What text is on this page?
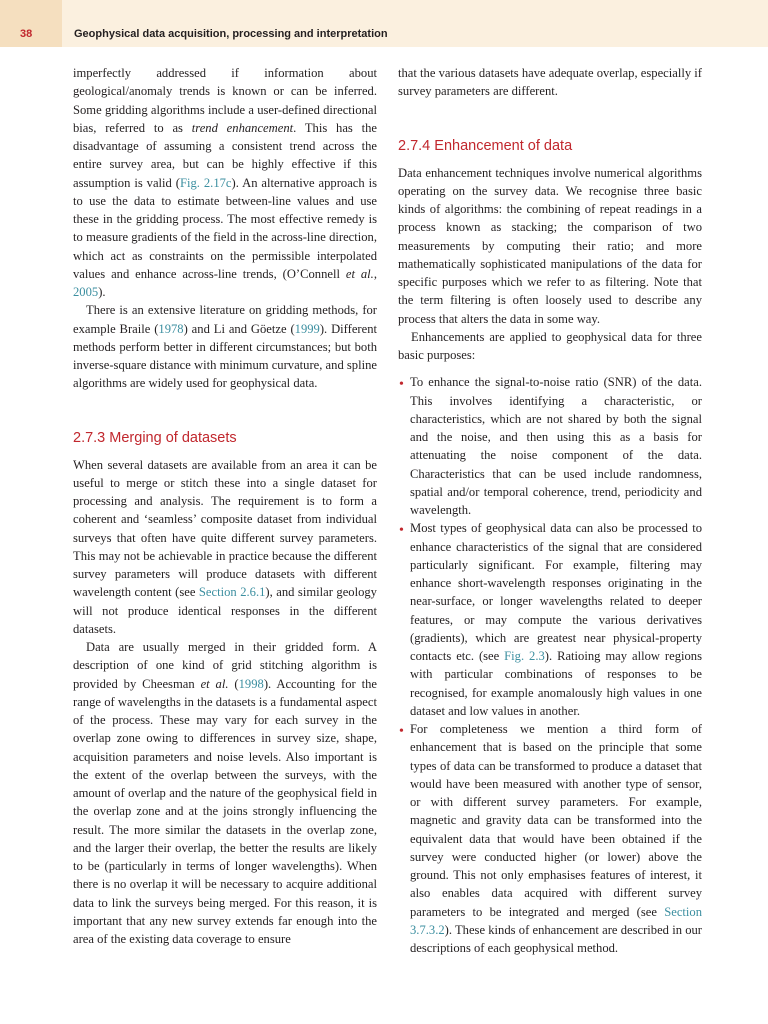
38	Geophysical data acquisition, processing and interpretation

imperfectly addressed if information about geological/anomaly trends is known or can be inferred. Some gridding algorithms include a user-defined directional bias, referred to as trend enhancement. This has the disadvantage of assuming a consistent trend across the entire survey area, but can be highly effective if this assumption is valid (Fig. 2.17c). An alternative approach is to use the data to estimate between-line values and use these in the gridding process. The most effective remedy is to measure gradients of the field in the across-line direction, which act as constraints on the permissible interpolated values and enhance across-line trends, (O’Connell et al., 2005).

There is an extensive literature on gridding methods, for example Braile (1978) and Li and Göetze (1999). Different methods perform better in different circumstances; but both inverse-square distance with minimum curvature, and spline algorithms are widely used for geophysical data.

2.7.3 Merging of datasets

When several datasets are available from an area it can be useful to merge or stitch these into a single dataset for processing and analysis. The requirement is to form a coherent and ‘seamless’ composite dataset from individual surveys that often have quite different survey parameters. This may not be achievable in practice because the different survey parameters will produce datasets with different wavelength content (see Section 2.6.1), and similar geology will not produce identical responses in the different datasets.

Data are usually merged in their gridded form. A description of one kind of grid stitching algorithm is provided by Cheesman et al. (1998). Accounting for the range of wavelengths in the datasets is a fundamental aspect of the process. These may vary for each survey in the overlap zone owing to differences in survey size, shape, acquisition parameters and noise levels. Also important is the extent of the overlap between the surveys, with the amount of overlap and the nature of the geophysical field in the overlap zone and at the joins strongly influencing the result. The more similar the datasets in the overlap zone, and the larger their overlap, the better the results are likely to be (particularly in terms of longer wavelengths). When there is no overlap it will be necessary to acquire additional data to link the surveys being merged. For this reason, it is important that any new survey extends far enough into the area of the existing data coverage to ensure

that the various datasets have adequate overlap, especially if survey parameters are different.

2.7.4 Enhancement of data

Data enhancement techniques involve numerical algorithms operating on the survey data. We recognise three basic kinds of algorithms: the combining of repeat readings in a process known as stacking; the comparison of two measurements by computing their ratio; and more mathematically sophisticated manipulations of the data for specific purposes which we refer to as filtering. Note that the term filtering is often loosely used to describe any process that alters the data in some way.

Enhancements are applied to geophysical data for three basic purposes:

• To enhance the signal-to-noise ratio (SNR) of the data. This involves identifying a characteristic, or characteristics, which are not shared by both the signal and the noise, and then using this as a basis for attenuating the noise component of the data. Characteristics that can be used include randomness, spatial and/or temporal coherence, trend, periodicity and wavelength.

• Most types of geophysical data can also be processed to enhance characteristics of the signal that are considered particularly significant. For example, filtering may enhance short-wavelength responses originating in the near-surface, or longer wavelengths related to deeper features, or may compute the various derivatives (gradients), which are greatest near physical-property contacts etc. (see Fig. 2.3). Ratioing may allow regions with particular combinations of responses to be recognised, for example anomalously high values in one dataset and low values in another.

• For completeness we mention a third form of enhancement that is based on the principle that some types of data can be transformed to produce a dataset that would have been measured with another type of sensor, or with different survey parameters. For example, magnetic and gravity data can be transformed into the equivalent data that would have been obtained if the survey were conducted higher (or lower) above the ground. This not only emphasises features of interest, it also enables data acquired with different survey parameters to be integrated and merged (see Section 3.7.3.2). These kinds of enhancement are described in our descriptions of each geophysical method.
